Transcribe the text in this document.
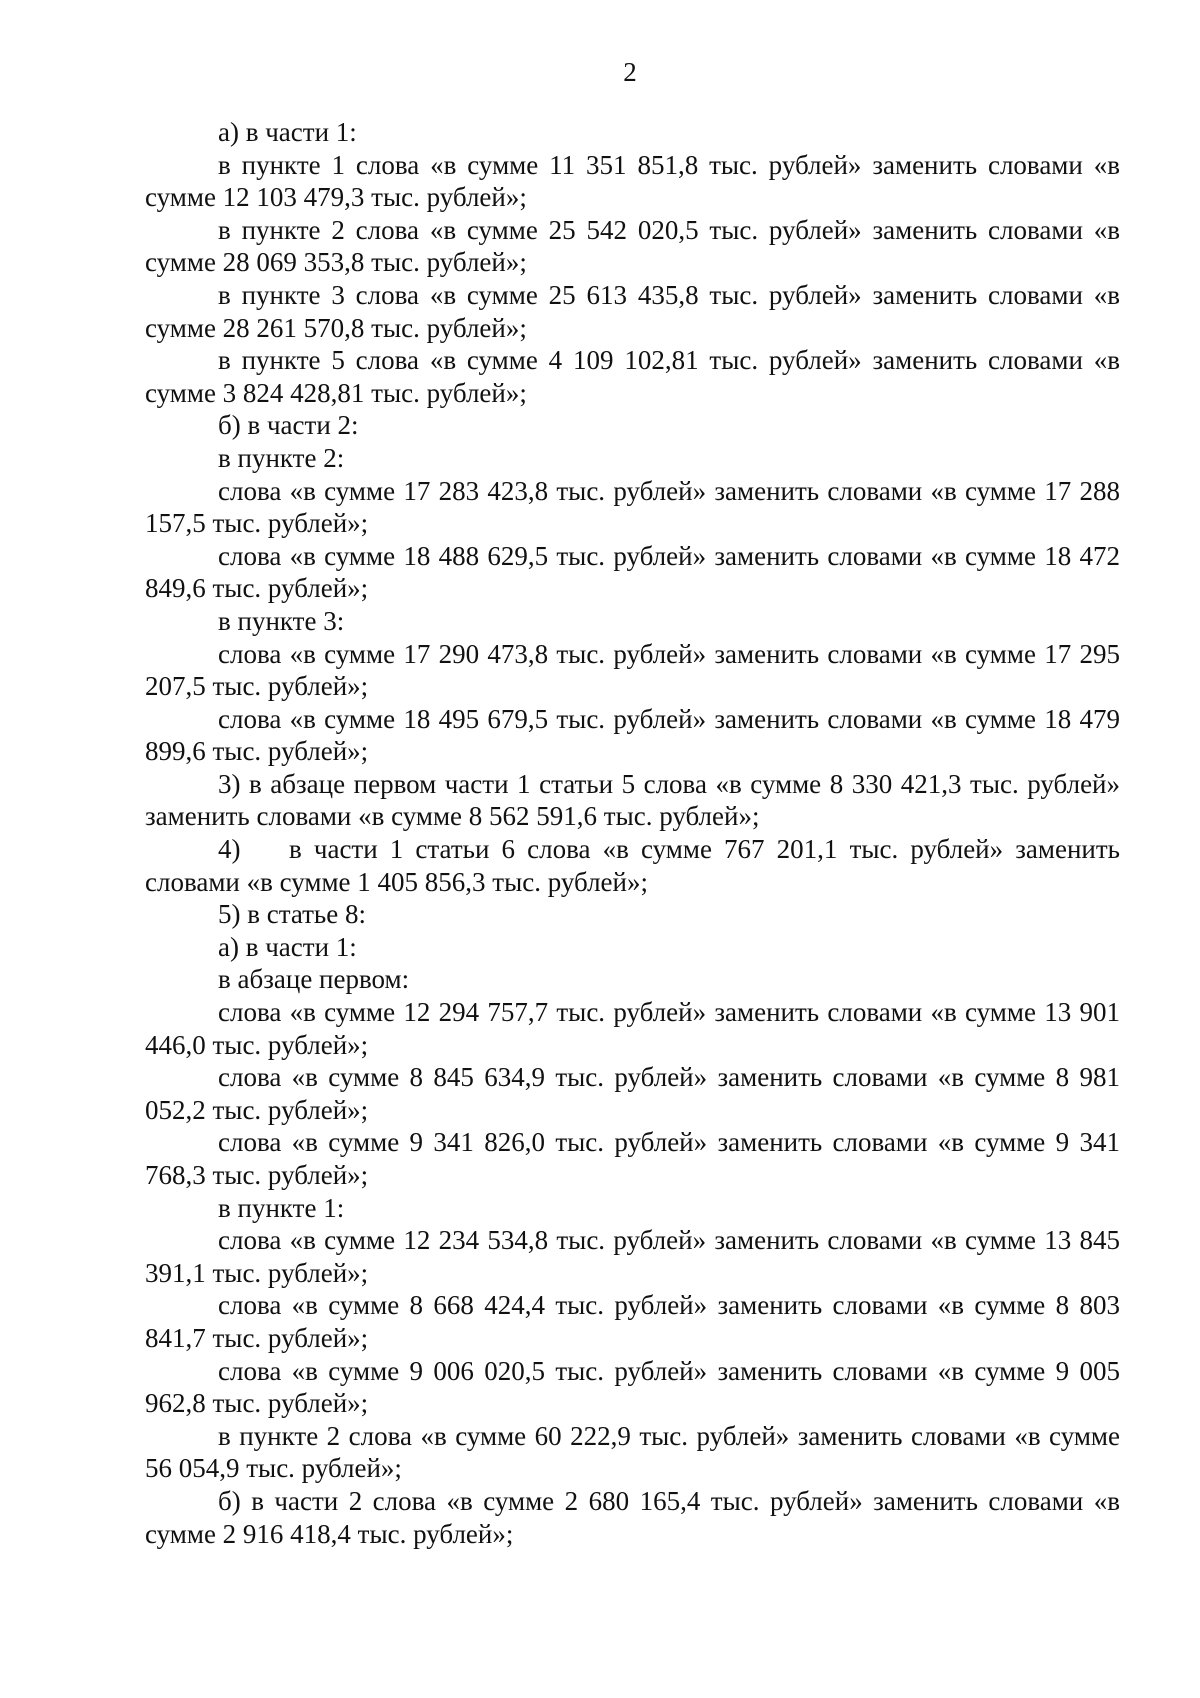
2

а) в части 1:

в пункте 1 слова «в сумме 11 351 851,8 тыс. рублей» заменить словами «в сумме 12 103 479,3 тыс. рублей»;

в пункте 2 слова «в сумме 25 542 020,5 тыс. рублей» заменить словами «в сумме 28 069 353,8 тыс. рублей»;

в пункте 3 слова «в сумме 25 613 435,8 тыс. рублей» заменить словами «в сумме 28 261 570,8 тыс. рублей»;

в пункте 5 слова «в сумме 4 109 102,81 тыс. рублей» заменить словами «в сумме 3 824 428,81 тыс. рублей»;

б) в части 2:

в пункте 2:

слова «в сумме 17 283 423,8 тыс. рублей» заменить словами «в сумме 17 288 157,5 тыс. рублей»;

слова «в сумме 18 488 629,5 тыс. рублей» заменить словами «в сумме 18 472 849,6 тыс. рублей»;

в пункте 3:

слова «в сумме 17 290 473,8 тыс. рублей» заменить словами «в сумме 17 295 207,5 тыс. рублей»;

слова «в сумме 18 495 679,5 тыс. рублей» заменить словами «в сумме 18 479 899,6 тыс. рублей»;

3) в абзаце первом части 1 статьи 5 слова «в сумме 8 330 421,3 тыс. рублей» заменить словами «в сумме 8 562 591,6 тыс. рублей»;

4) в части 1 статьи 6 слова «в сумме 767 201,1 тыс. рублей» заменить словами «в сумме 1 405 856,3 тыс. рублей»;

5) в статье 8:

а) в части 1:

в абзаце первом:

слова «в сумме 12 294 757,7 тыс. рублей» заменить словами «в сумме 13 901 446,0 тыс. рублей»;

слова «в сумме 8 845 634,9 тыс. рублей» заменить словами «в сумме 8 981 052,2 тыс. рублей»;

слова «в сумме 9 341 826,0 тыс. рублей» заменить словами «в сумме 9 341 768,3 тыс. рублей»;

в пункте 1:

слова «в сумме 12 234 534,8 тыс. рублей» заменить словами «в сумме 13 845 391,1 тыс. рублей»;

слова «в сумме 8 668 424,4 тыс. рублей» заменить словами «в сумме 8 803 841,7 тыс. рублей»;

слова «в сумме 9 006 020,5 тыс. рублей» заменить словами «в сумме 9 005 962,8 тыс. рублей»;

в пункте 2 слова «в сумме 60 222,9 тыс. рублей» заменить словами «в сумме 56 054,9 тыс. рублей»;

б) в части 2 слова «в сумме 2 680 165,4 тыс. рублей» заменить словами «в сумме 2 916 418,4 тыс. рублей»;
